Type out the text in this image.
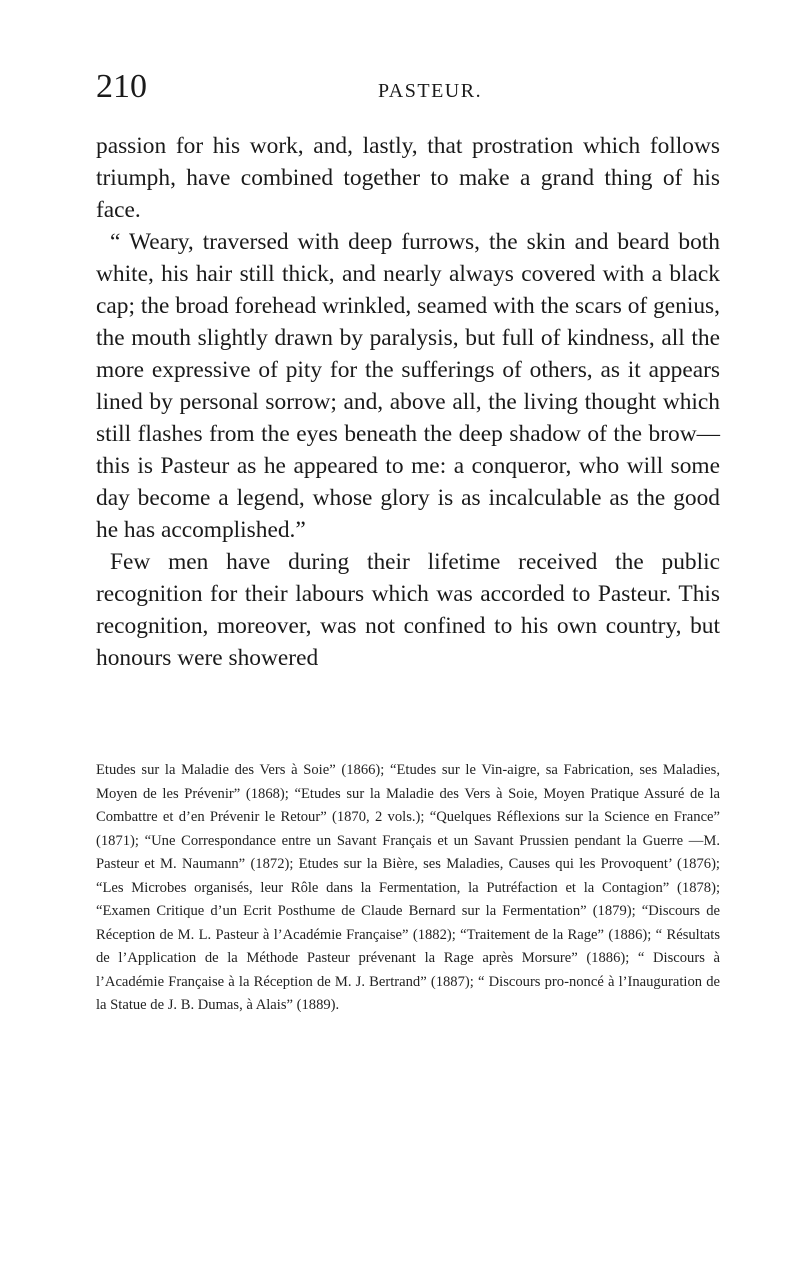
210	PASTEUR.

passion for his work, and, lastly, that prostration which follows triumph, have combined together to make a grand thing of his face.

“ Weary, traversed with deep furrows, the skin and beard both white, his hair still thick, and nearly always covered with a black cap; the broad forehead wrinkled, seamed with the scars of genius, the mouth slightly drawn by paralysis, but full of kindness, all the more expressive of pity for the sufferings of others, as it appears lined by personal sorrow; and, above all, the living thought which still flashes from the eyes beneath the deep shadow of the brow—this is Pasteur as he appeared to me: a conqueror, who will some day become a legend, whose glory is as incalculable as the good he has accomplished.”

Few men have during their lifetime received the public recognition for their labours which was accorded to Pasteur. This recognition, moreover, was not confined to his own country, but honours were showered

Etudes sur la Maladie des Vers à Soie” (1866); “Etudes sur le Vin-aigre, sa Fabrication, ses Maladies, Moyen de les Prévenir” (1868); “Etudes sur la Maladie des Vers à Soie, Moyen Pratique Assuré de la Combattre et d’en Prévenir le Retour” (1870, 2 vols.); “Quelques Réflexions sur la Science en France” (1871); “Une Correspondance entre un Savant Français et un Savant Prussien pendant la Guerre —M. Pasteur et M. Naumann” (1872); Etudes sur la Bière, ses Maladies, Causes qui les Provoquent’ (1876); “Les Microbes organisés, leur Rôle dans la Fermentation, la Putréfaction et la Contagion” (1878); “Examen Critique d’un Ecrit Posthume de Claude Bernard sur la Fermentation” (1879); “Discours de Réception de M. L. Pasteur à l’Académie Française” (1882); “Traitement de la Rage” (1886); “ Résultats de l’Application de la Méthode Pasteur prévenant la Rage après Morsure” (1886); “ Discours à l’Académie Française à la Réception de M. J. Bertrand” (1887); “ Discours pro-noncé à l’Inauguration de la Statue de J. B. Dumas, à Alais” (1889).
